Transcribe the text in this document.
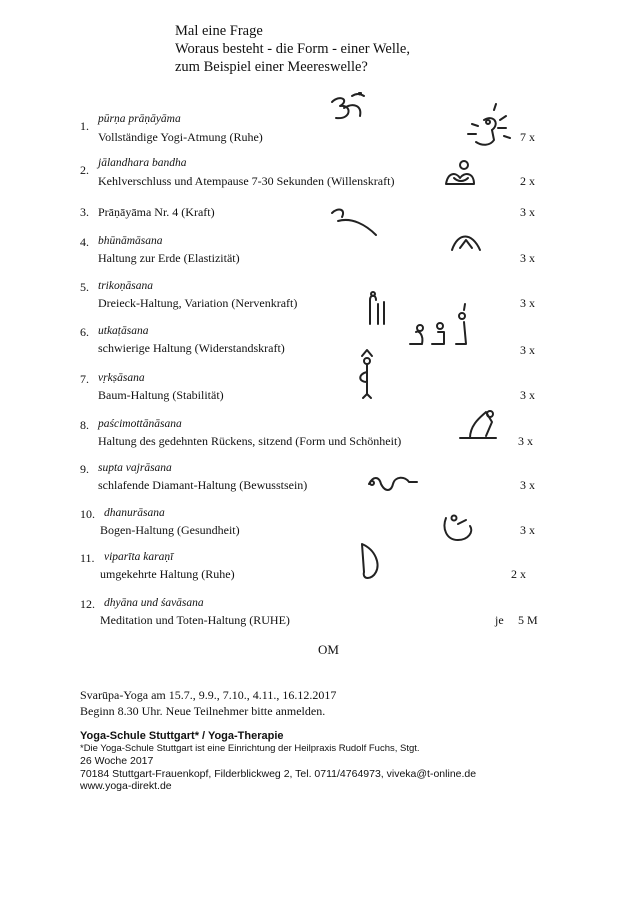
Mal eine Frage
Woraus besteht - die Form - einer Welle,
zum Beispiel einer Meereswelle?
1. pūrṇa prāṇāyāma
Vollständige Yogi-Atmung (Ruhe)	7 x
2. jālandhara bandha
Kehlverschluss und Atempause 7-30 Sekunden (Willenskraft)	2 x
3. Prāṇāyāma Nr. 4 (Kraft)	3 x
4. bhūnāmāsana
Haltung zur Erde (Elastizität)	3 x
5. trikoṇāsana
Dreieck-Haltung, Variation (Nervenkraft)	3 x
6. utkaṭāsana
schwierige Haltung (Widerstandskraft)	3 x
7. vṛkṣāsana
Baum-Haltung (Stabilität)	3 x
8. paścimottānāsana
Haltung des gedehnten Rückens, sitzend (Form und Schönheit)	3 x
9. supta vajrāsana
schlafende Diamant-Haltung (Bewusstsein)	3 x
10. dhanurāsana
Bogen-Haltung (Gesundheit)	3 x
11. viparīta karaṇī
umgekehrte Haltung (Ruhe)	2 x
12. dhyāna und śavāsana
Meditation und Toten-Haltung (RUHE)	je 5 M
OM
Svarūpa-Yoga am 15.7., 9.9., 7.10., 4.11., 16.12.2017
Beginn 8.30 Uhr. Neue Teilnehmer bitte anmelden.
Yoga-Schule Stuttgart* / Yoga-Therapie
*Die Yoga-Schule Stuttgart ist eine Einrichtung der Heilpraxis Rudolf Fuchs, Stgt.
26 Woche 2017
70184 Stuttgart-Frauenkopf, Filderblickweg 2, Tel. 0711/4764973, viveka@t-online.de
www.yoga-direkt.de
